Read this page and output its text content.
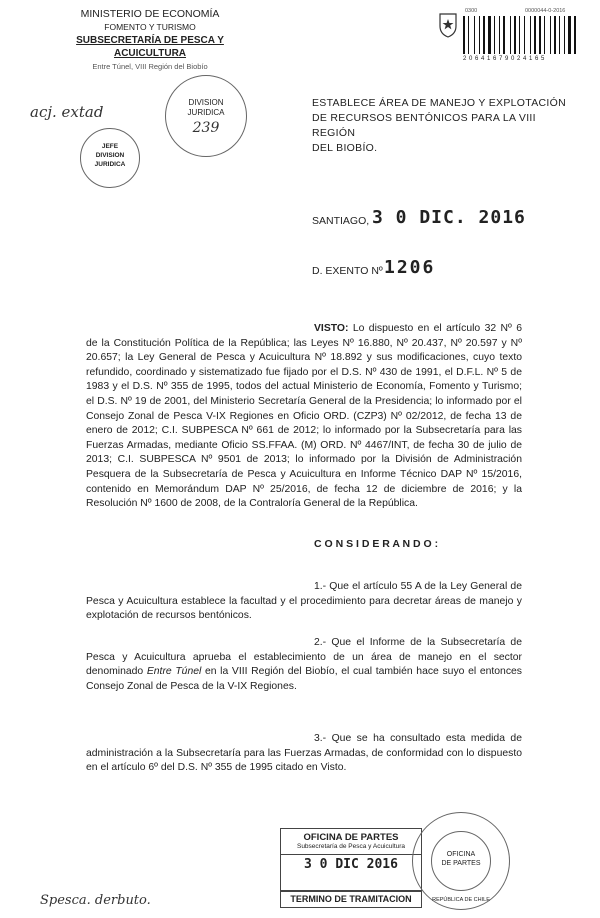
MINISTERIO DE ECONOMÍA
FOMENTO Y TURISMO
SUBSECRETARÍA DE PESCA Y ACUICULTURA
Entre Túnel, VIII Región del Biobío
0300	0000044-0-2016
2 0 6 4 1 6 7 9 0 2 4 1 6 5
acj. extad
DIVISION
JURIDICA
239
JEFE
DIVISION
JURIDICA
ESTABLECE ÁREA DE MANEJO Y EXPLOTACIÓN
DE RECURSOS BENTÓNICOS PARA LA VIII REGIÓN
DEL BIOBÍO.
SANTIAGO, 3 0 DIC. 2016
D. EXENTO Nº 1206
VISTO: Lo dispuesto en el artículo 32 Nº 6 de la Constitución Política de la República; las Leyes Nº 16.880, Nº 20.437, Nº 20.597 y Nº 20.657; la Ley General de Pesca y Acuicultura Nº 18.892 y sus modificaciones, cuyo texto refundido, coordinado y sistematizado fue fijado por el D.S. Nº 430 de 1991, el D.F.L. Nº 5 de 1983 y el D.S. Nº 355 de 1995, todos del actual Ministerio de Economía, Fomento y Turismo; el D.S. Nº 19 de 2001, del Ministerio Secretaría General de la Presidencia; lo informado por el Consejo Zonal de Pesca V-IX Regiones en Oficio ORD. (CZP3) Nº 02/2012, de fecha 13 de enero de 2012; C.I. SUBPESCA Nº 661 de 2012; lo informado por la Subsecretaría para las Fuerzas Armadas, mediante Oficio SS.FFAA. (M) ORD. Nº 4467/INT, de fecha 30 de julio de 2013; C.I. SUBPESCA Nº 9501 de 2013; lo informado por la División de Administración Pesquera de la Subsecretaría de Pesca y Acuicultura en Informe Técnico DAP Nº 15/2016, contenido en Memorándum DAP Nº 25/2016, de fecha 12 de diciembre de 2016; y la Resolución Nº 1600 de 2008, de la Contraloría General de la República.
C O N S I D E R A N D O :
1.- Que el artículo 55 A de la Ley General de Pesca y Acuicultura establece la facultad y el procedimiento para decretar áreas de manejo y explotación de recursos bentónicos.
2.- Que el Informe de la Subsecretaría de Pesca y Acuicultura aprueba el establecimiento de un área de manejo en el sector denominado Entre Túnel en la VIII Región del Biobío, el cual también hace suyo el entonces Consejo Zonal de Pesca de la V-IX Regiones.
3.- Que se ha consultado esta medida de administración a la Subsecretaría para las Fuerzas Armadas, de conformidad con lo dispuesto en el artículo 6º del D.S. Nº 355 de 1995 citado en Visto.
OFICINA DE PARTES
Subsecretaría de Pesca y Acuicultura
3 0 DIC 2016
TERMINO DE TRAMITACION
OFICINA
DE PARTES
REPÚBLICA DE CHILE
Spesca. derbuto.
